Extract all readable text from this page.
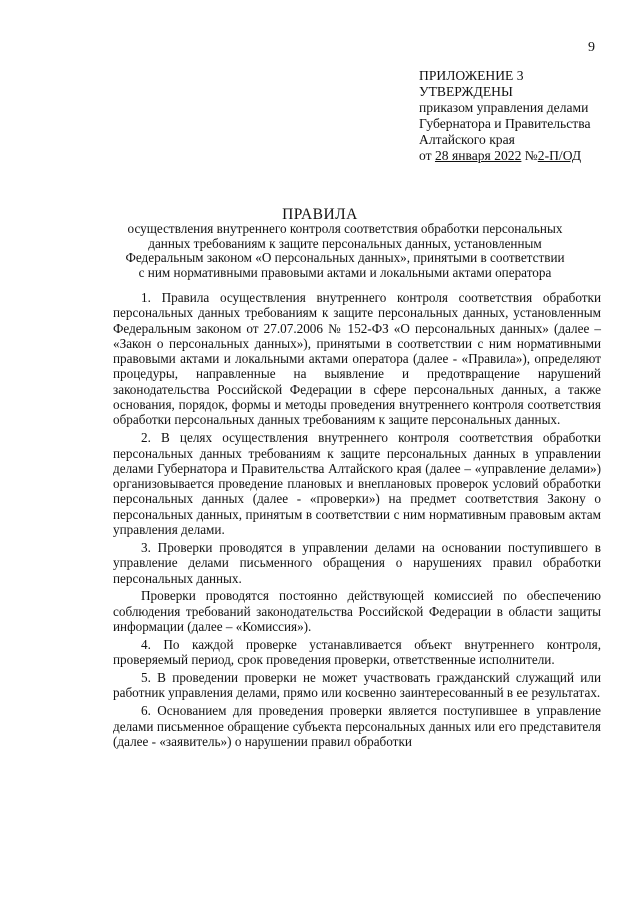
9
ПРИЛОЖЕНИЕ 3
УТВЕРЖДЕНЫ
приказом управления делами
Губернатора и Правительства
Алтайского края
от 28 января 2022 №2-П/ОД
ПРАВИЛА
осуществления внутреннего контроля соответствия обработки персональных
данных требованиям к защите персональных данных, установленным
Федеральным законом «О персональных данных», принятыми в соответствии
с ним нормативными правовыми актами и локальными актами оператора

1. Правила осуществления внутреннего контроля соответствия обработки персональных данных требованиям к защите персональных данных, установленным Федеральным законом от 27.07.2006 № 152-ФЗ «О персональных данных» (далее – «Закон о персональных данных»), принятыми в соответствии с ним нормативными правовыми актами и локальными актами оператора (далее - «Правила»), определяют процедуры, направленные на выявление и предотвращение нарушений законодательства Российской Федерации в сфере персональных данных, а также основания, порядок, формы и методы проведения внутреннего контроля соответствия обработки персональных данных требованиям к защите персональных данных.

2. В целях осуществления внутреннего контроля соответствия обработки персональных данных требованиям к защите персональных данных в управлении делами Губернатора и Правительства Алтайского края (далее – «управление делами») организовывается проведение плановых и внеплановых проверок условий обработки персональных данных (далее - «проверки») на предмет соответствия Закону о персональных данных, принятым в соответствии с ним нормативным правовым актам управления делами.

3. Проверки проводятся в управлении делами на основании поступившего в управление делами письменного обращения о нарушениях правил обработки персональных данных.

Проверки проводятся постоянно действующей комиссией по обеспечению соблюдения требований законодательства Российской Федерации в области защиты информации (далее – «Комиссия»).

4. По каждой проверке устанавливается объект внутреннего контроля, проверяемый период, срок проведения проверки, ответственные исполнители.

5. В проведении проверки не может участвовать гражданский служащий или работник управления делами, прямо или косвенно заинтересованный в ее результатах.

6. Основанием для проведения проверки является поступившее в управление делами письменное обращение субъекта персональных данных или его представителя (далее - «заявитель») о нарушении правил обработки
